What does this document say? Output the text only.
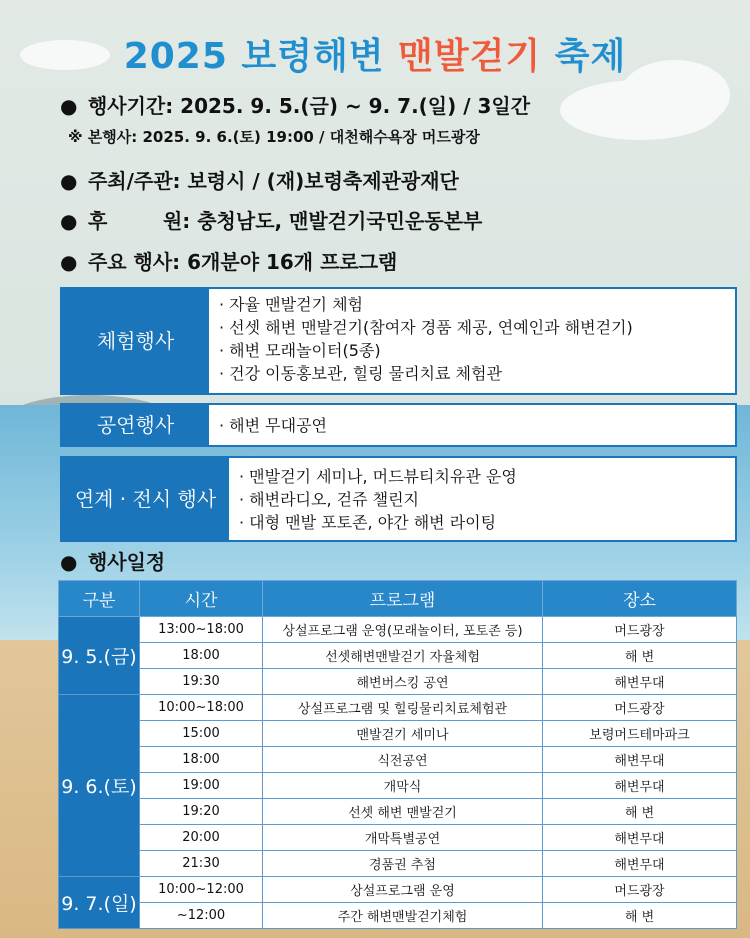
2025 보령해변 맨발걷기 축제
● 행사기간: 2025. 9. 5.(금) ~ 9. 7.(일) / 3일간
※ 본행사: 2025. 9. 6.(토) 19:00 / 대천해수욕장 머드광장
● 주최/주관: 보령시 / (재)보령축제관광재단
● 후        원: 충청남도, 맨발걷기국민운동본부
● 주요 행사: 6개분야 16개 프로그램
체험행사
· 자율 맨발걷기 체험
· 선셋 해변 맨발걷기(참여자 경품 제공, 연예인과 해변걷기)
· 해변 모래놀이터(5종)
· 건강 이동홍보관, 힐링 물리치료 체험관
공연행사	· 해변 무대공연
연계 · 전시 행사
· 맨발걷기 세미나, 머드뷰티치유관 운영
· 해변라디오, 걷쥬 챌린지
· 대형 맨발 포토존, 야간 해변 라이팅
● 행사일정
구분	시간	프로그램	장소
9. 5.(금)	13:00~18:00	상설프로그램 운영(모래놀이터, 포토존 등)	머드광장
	18:00	선셋해변맨발걷기 자율체험	해 변
	19:30	해변버스킹 공연	해변무대
9. 6.(토)	10:00~18:00	상설프로그램 및 힐링물리치료체험관	머드광장
	15:00	맨발걷기 세미나	보령머드테마파크
	18:00	식전공연	해변무대
	19:00	개막식	해변무대
	19:20	선셋 해변 맨발걷기	해 변
	20:00	개막특별공연	해변무대
	21:30	경품권 추첨	해변무대
9. 7.(일)	10:00~12:00	상설프로그램 운영	머드광장
	~12:00	주간 해변맨발걷기체험	해 변
